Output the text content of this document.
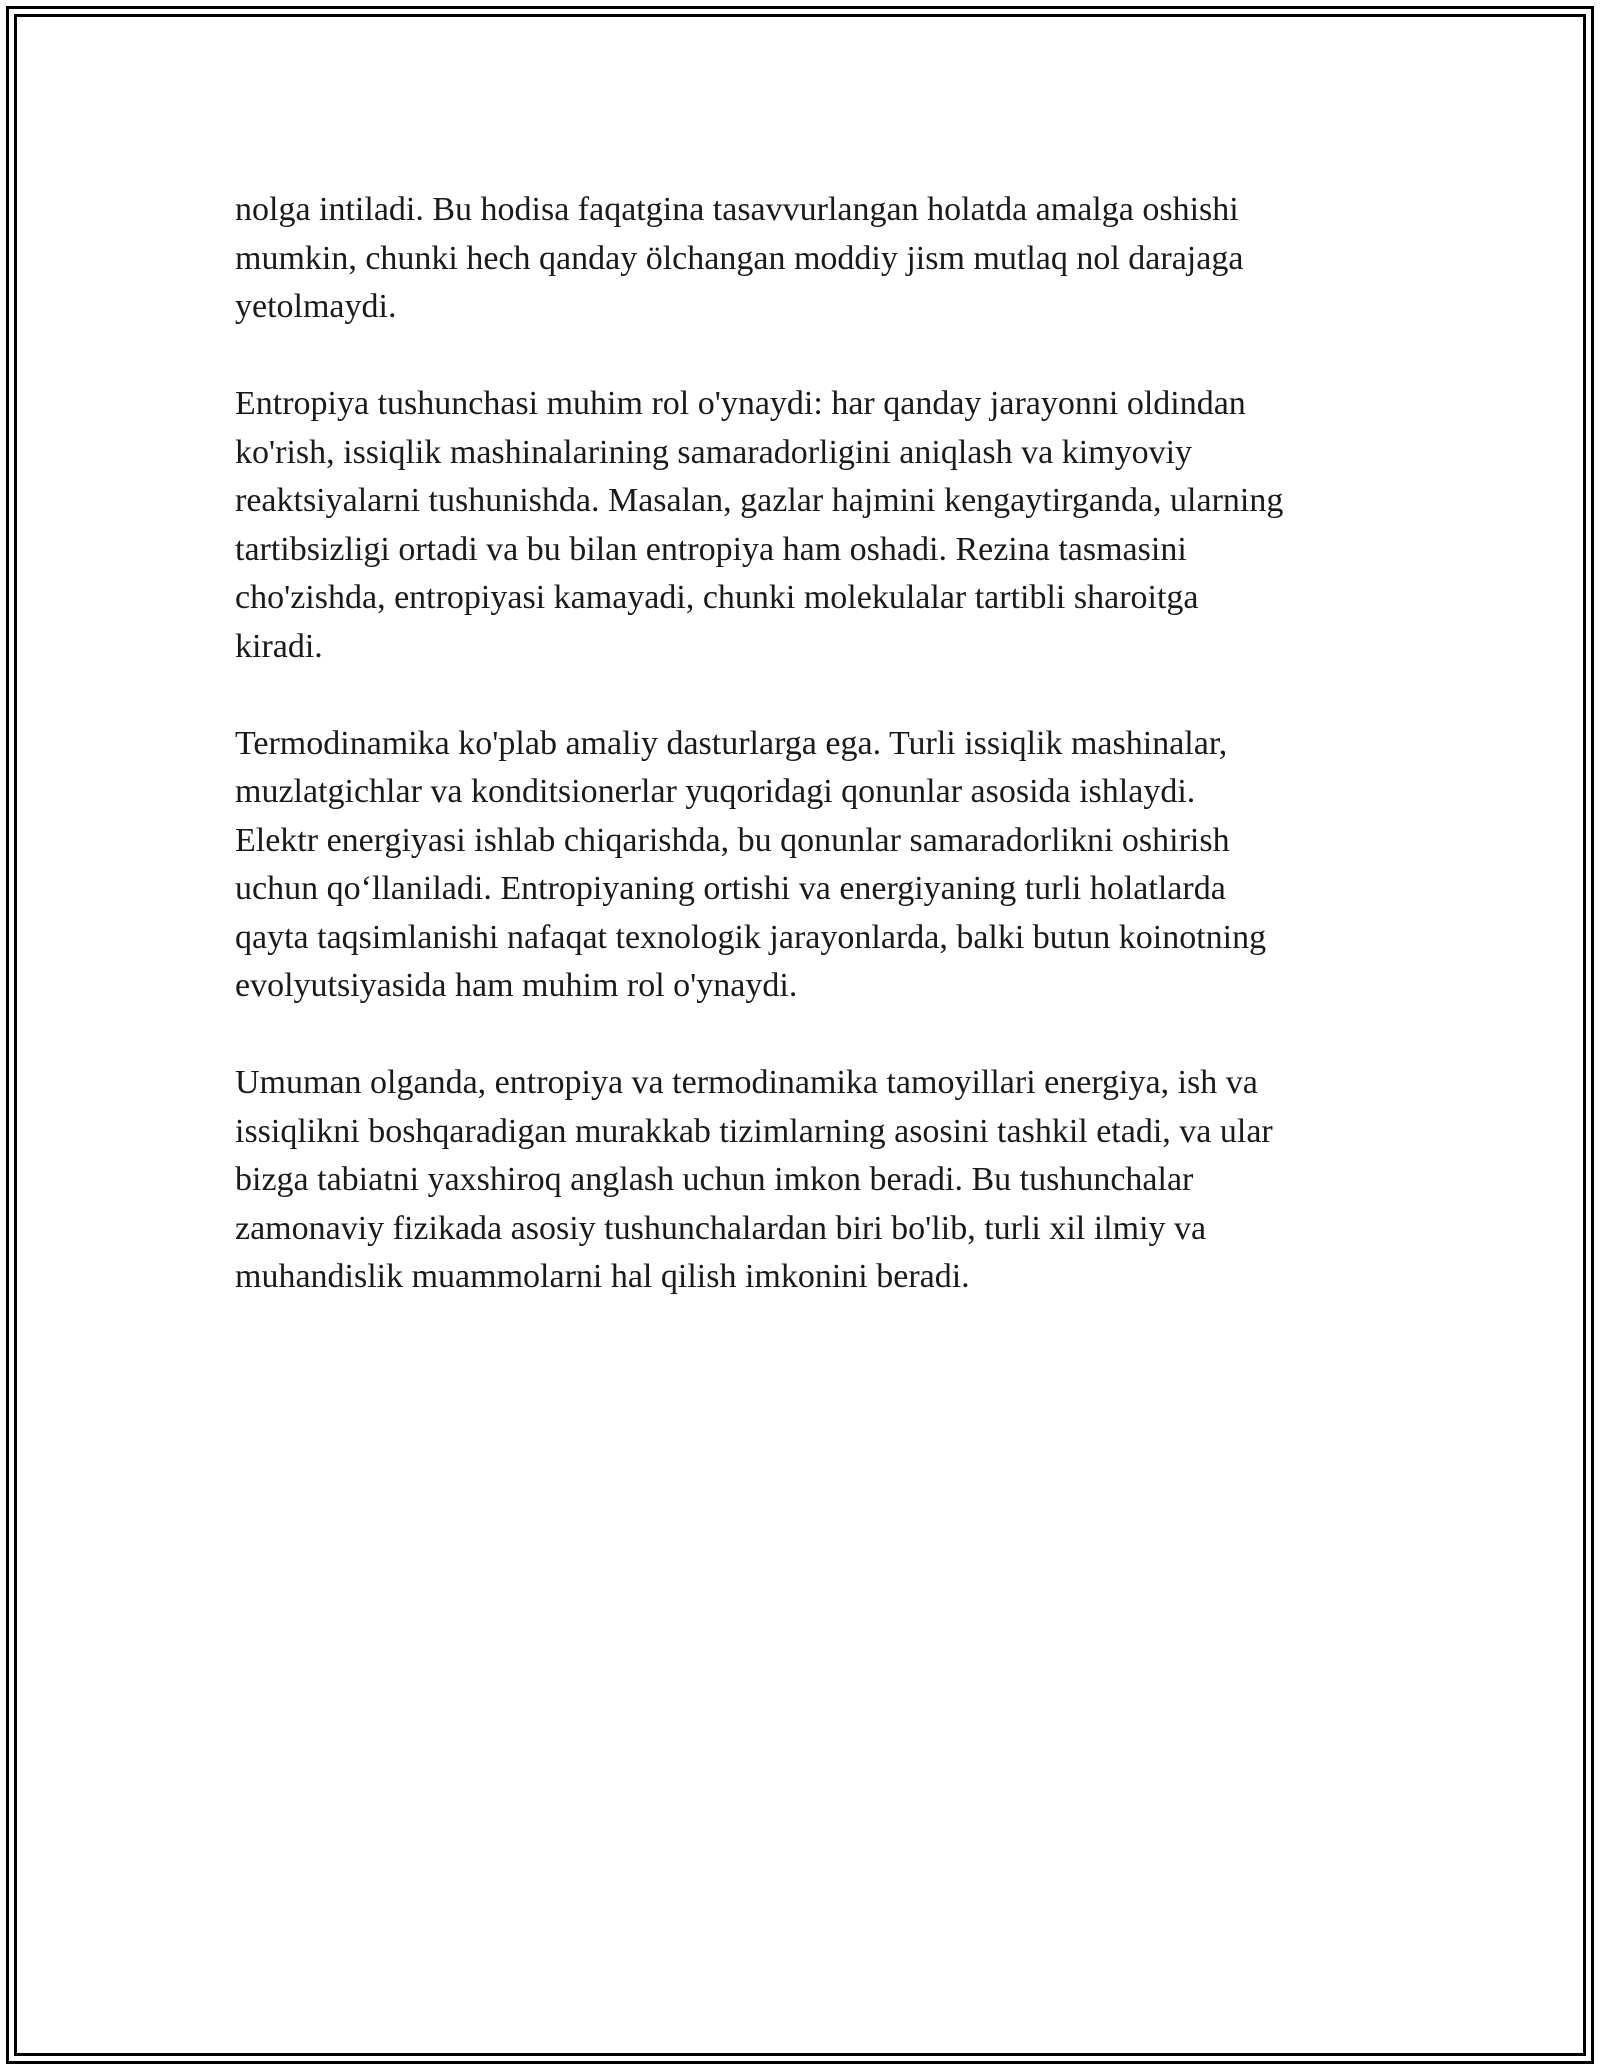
nolga intiladi. Bu hodisa faqatgina tasavvurlangan holatda amalga oshishi
mumkin, chunki hech qanday ölchangan moddiy jism mutlaq nol darajaga
yetolmaydi.

Entropiya tushunchasi muhim rol o'ynaydi: har qanday jarayonni oldindan
ko'rish, issiqlik mashinalarining samaradorligini aniqlash va kimyoviy
reaktsiyalarni tushunishda. Masalan, gazlar hajmini kengaytirganda, ularning
tartibsizligi ortadi va bu bilan entropiya ham oshadi. Rezina tasmasini
cho'zishda, entropiyasi kamayadi, chunki molekulalar tartibli sharoitga
kiradi.

Termodinamika ko'plab amaliy dasturlarga ega. Turli issiqlik mashinalar,
muzlatgichlar va konditsionerlar yuqoridagi qonunlar asosida ishlaydi.
Elektr energiyasi ishlab chiqarishda, bu qonunlar samaradorlikni oshirish
uchun qo‘llaniladi. Entropiyaning ortishi va energiyaning turli holatlarda
qayta taqsimlanishi nafaqat texnologik jarayonlarda, balki butun koinotning
evolyutsiyasida ham muhim rol o'ynaydi.

Umuman olganda, entropiya va termodinamika tamoyillari energiya, ish va
issiqlikni boshqaradigan murakkab tizimlarning asosini tashkil etadi, va ular
bizga tabiatni yaxshiroq anglash uchun imkon beradi. Bu tushunchalar
zamonaviy fizikada asosiy tushunchalardan biri bo'lib, turli xil ilmiy va
muhandislik muammolarni hal qilish imkonini beradi.
